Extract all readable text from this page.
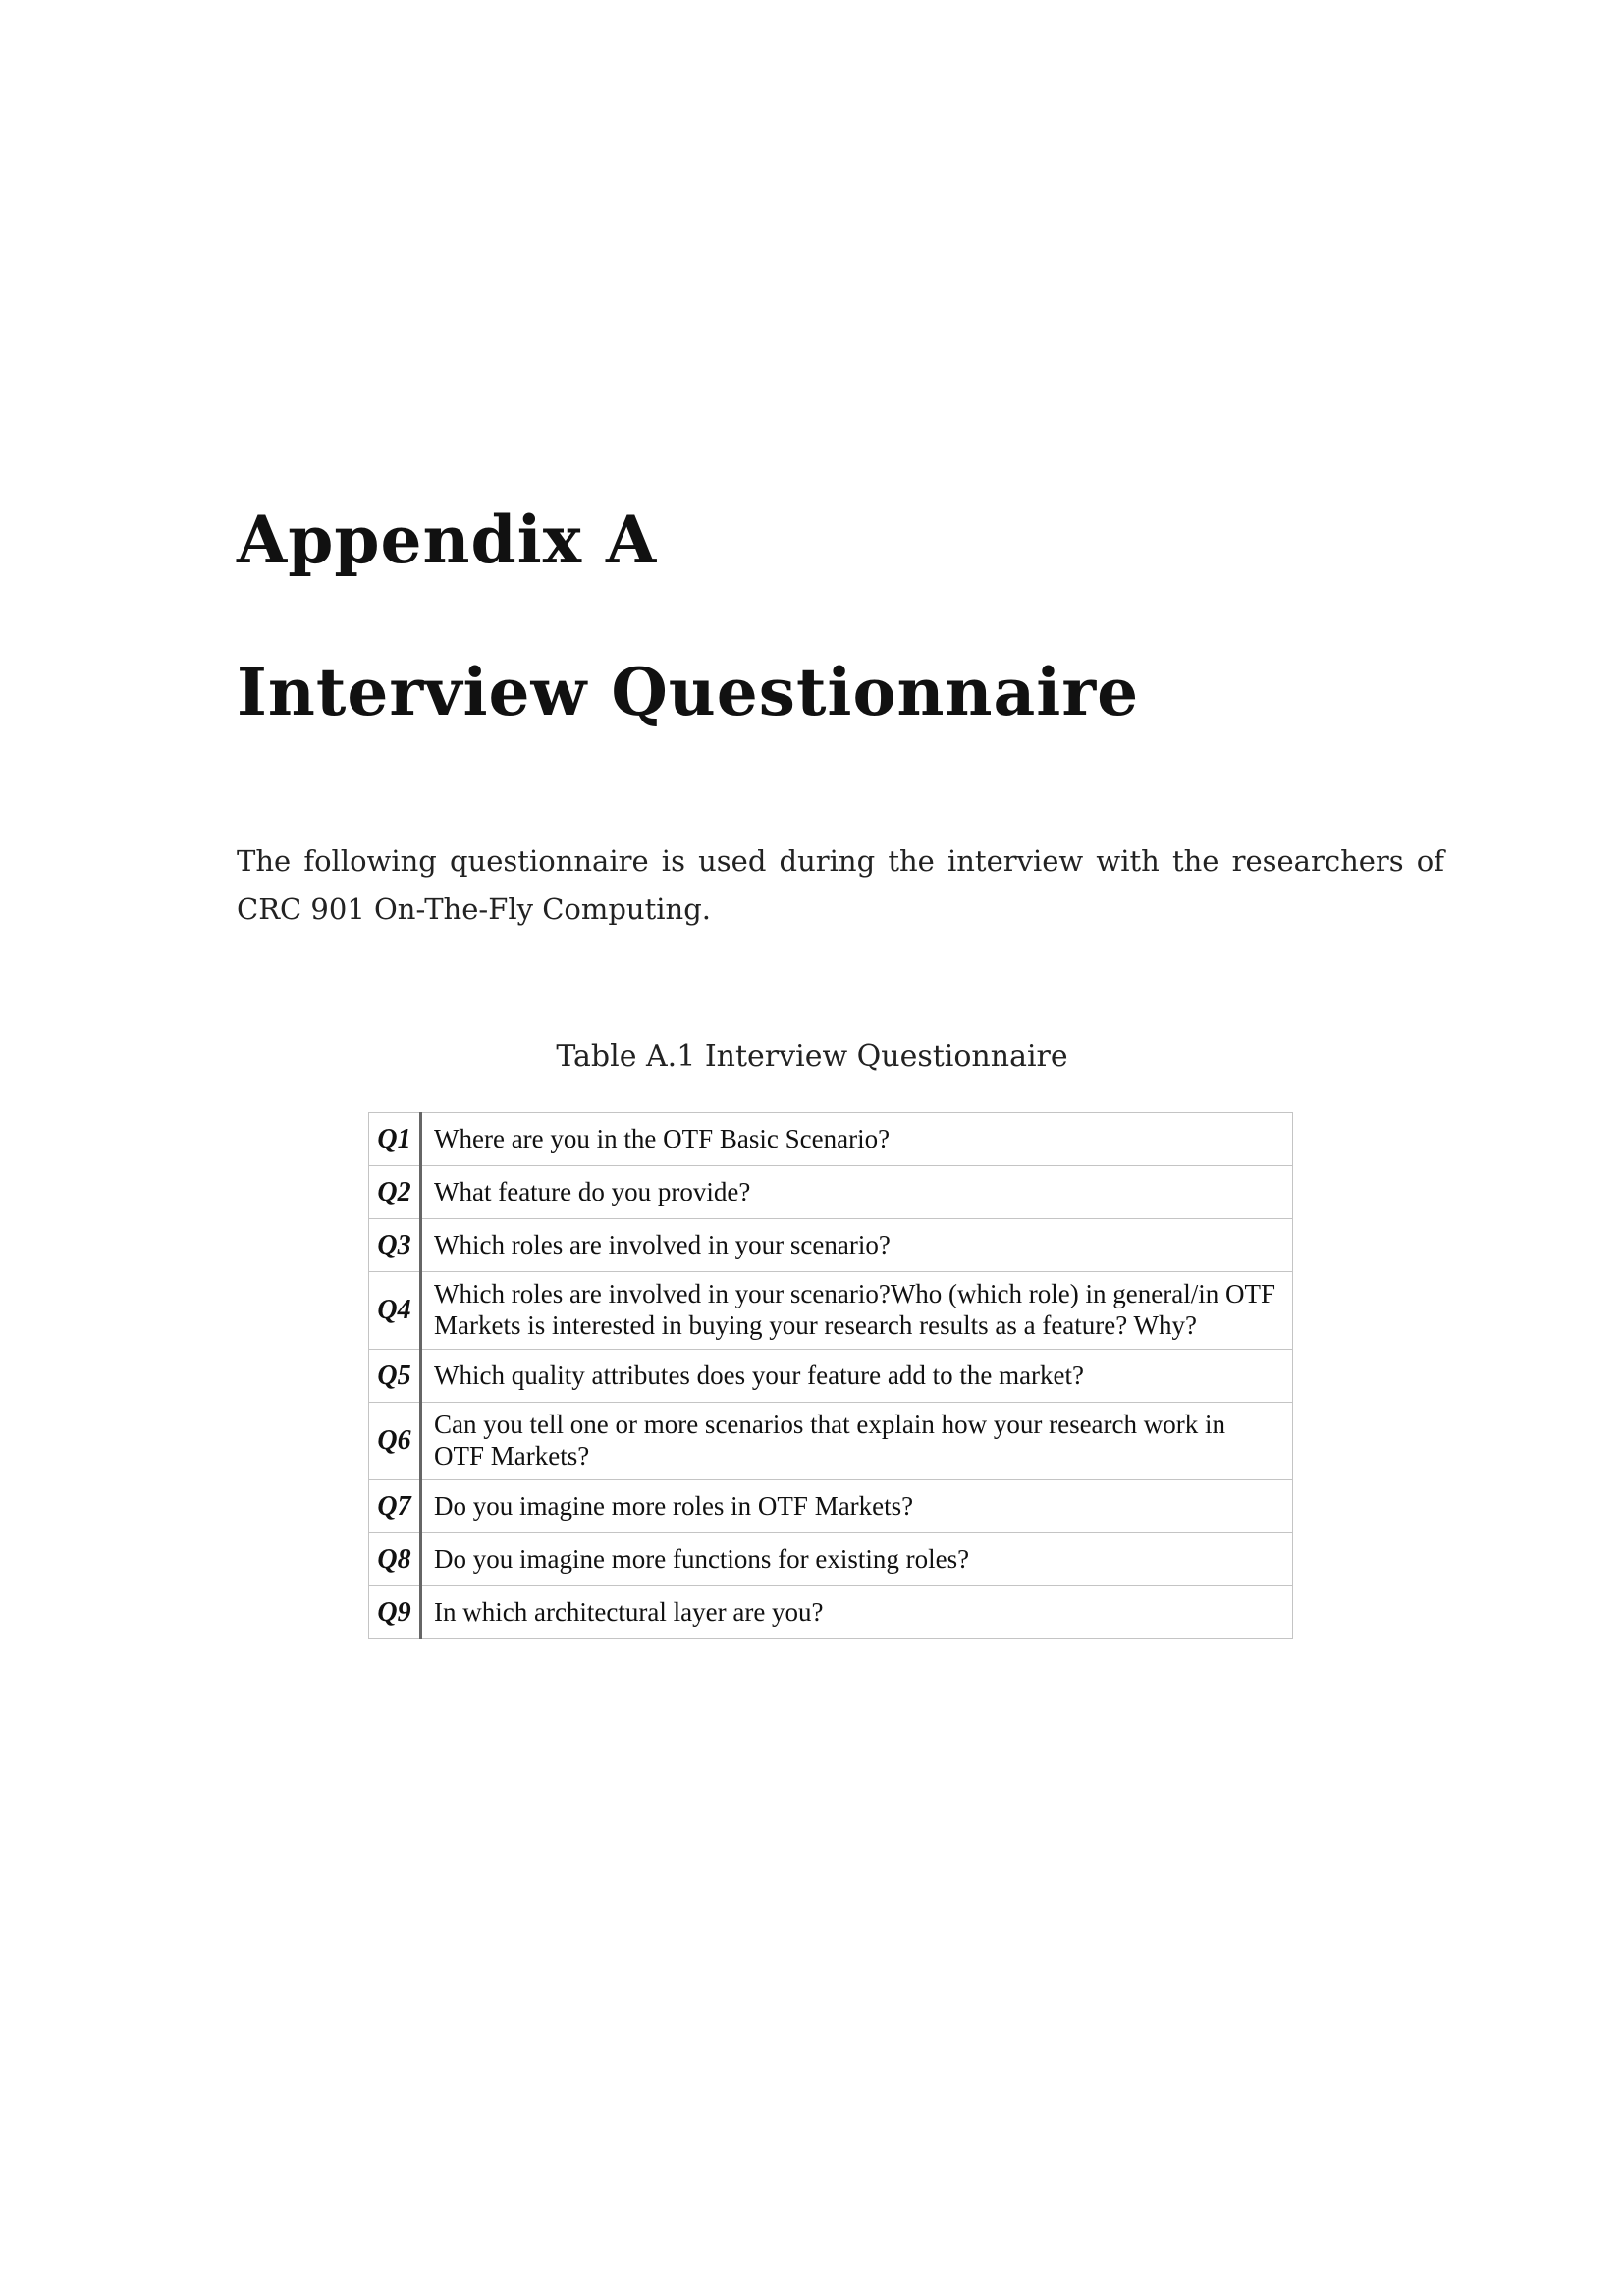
Appendix A
Interview Questionnaire

The following questionnaire is used during the interview with the researchers of CRC 901 On-The-Fly Computing.

Table A.1 Interview Questionnaire

Q1	Where are you in the OTF Basic Scenario?
Q2	What feature do you provide?
Q3	Which roles are involved in your scenario?
Q4	Which roles are involved in your scenario?Who (which role) in general/in OTF Markets is interested in buying your research results as a feature? Why?
Q5	Which quality attributes does your feature add to the market?
Q6	Can you tell one or more scenarios that explain how your research work in OTF Markets?
Q7	Do you imagine more roles in OTF Markets?
Q8	Do you imagine more functions for existing roles?
Q9	In which architectural layer are you?
